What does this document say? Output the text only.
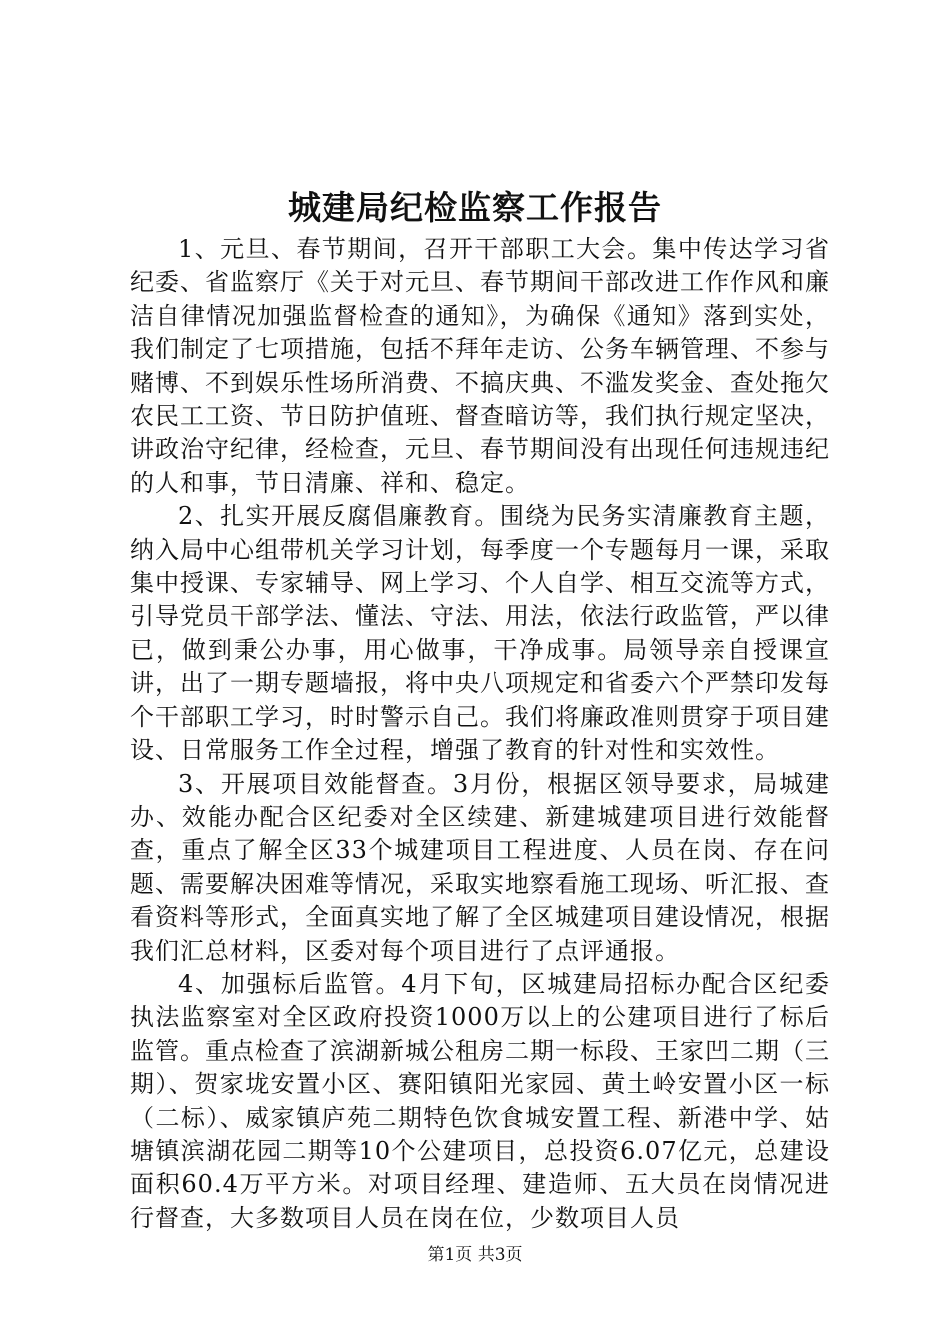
城建局纪检监察工作报告

1、元旦、春节期间，召开干部职工大会。集中传达学习省纪委、省监察厅《关于对元旦、春节期间干部改进工作作风和廉洁自律情况加强监督检查的通知》，为确保《通知》落到实处，我们制定了七项措施，包括不拜年走访、公务车辆管理、不参与赌博、不到娱乐性场所消费、不搞庆典、不滥发奖金、查处拖欠农民工工资、节日防护值班、督查暗访等，我们执行规定坚决，讲政治守纪律，经检查，元旦、春节期间没有出现任何违规违纪的人和事，节日清廉、祥和、稳定。

2、扎实开展反腐倡廉教育。围绕为民务实清廉教育主题，纳入局中心组带机关学习计划，每季度一个专题每月一课，采取集中授课、专家辅导、网上学习、个人自学、相互交流等方式，引导党员干部学法、懂法、守法、用法，依法行政监管，严以律已，做到秉公办事，用心做事，干净成事。局领导亲自授课宣讲，出了一期专题墙报，将中央八项规定和省委六个严禁印发每个干部职工学习，时时警示自己。我们将廉政准则贯穿于项目建设、日常服务工作全过程，增强了教育的针对性和实效性。

3、开展项目效能督查。3月份，根据区领导要求，局城建办、效能办配合区纪委对全区续建、新建城建项目进行效能督查，重点了解全区33个城建项目工程进度、人员在岗、存在问题、需要解决困难等情况，采取实地察看施工现场、听汇报、查看资料等形式，全面真实地了解了全区城建项目建设情况，根据我们汇总材料，区委对每个项目进行了点评通报。

4、加强标后监管。4月下旬，区城建局招标办配合区纪委执法监察室对全区政府投资1000万以上的公建项目进行了标后监管。重点检查了滨湖新城公租房二期一标段、王家凹二期（三期）、贺家垅安置小区、赛阳镇阳光家园、黄土岭安置小区一标（二标）、威家镇庐苑二期特色饮食城安置工程、新港中学、姑塘镇滨湖花园二期等10个公建项目，总投资6.07亿元，总建设面积60.4万平方米。对项目经理、建造师、五大员在岗情况进行督查，大多数项目人员在岗在位，少数项目人员

第1页 共3页
